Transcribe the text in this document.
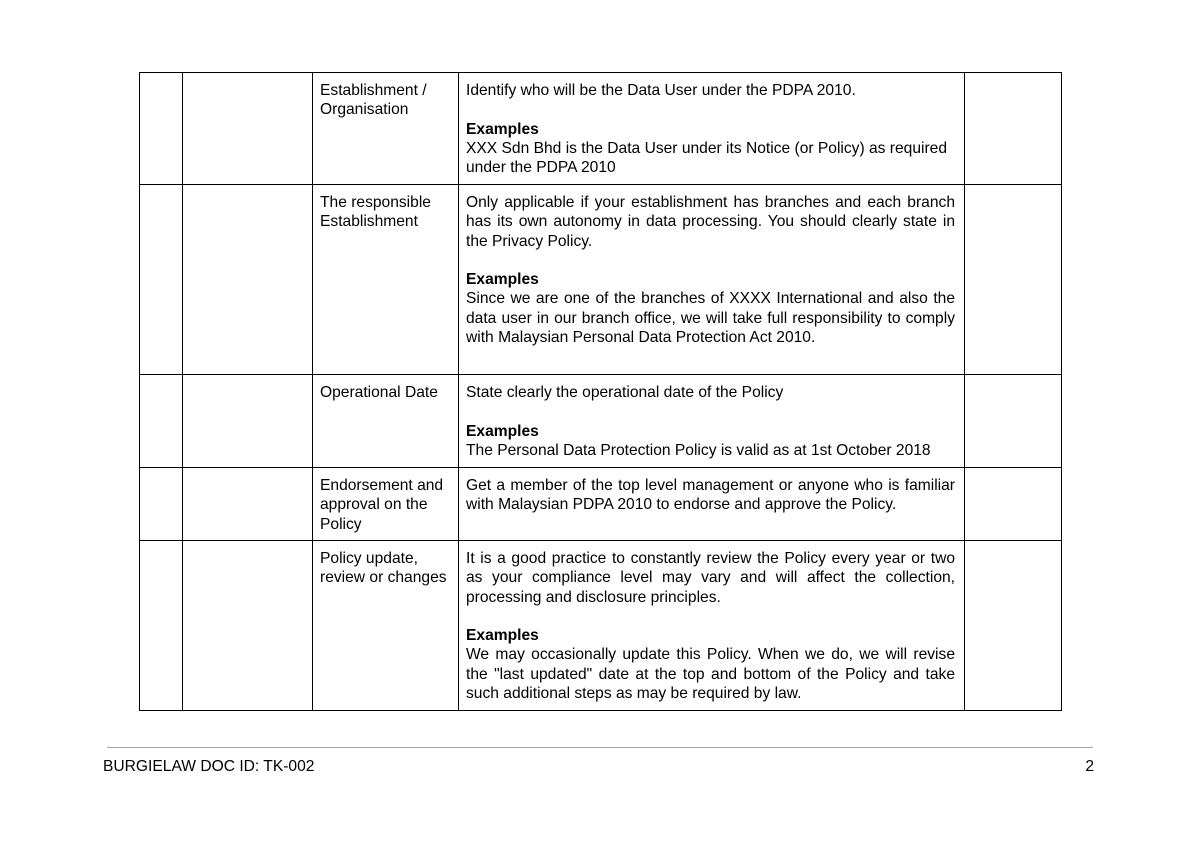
		Establishment / Organisation	Identify who will be the Data User under the PDPA 2010.

Examples

XXX Sdn Bhd is the Data User under its Notice (or Policy) as required under the PDPA 2010	

		The responsible Establishment	Only applicable if your establishment has branches and each branch has its own autonomy in data processing. You should clearly state in the Privacy Policy.

Examples

Since we are one of the branches of XXXX International and also the data user in our branch office, we will take full responsibility to comply with Malaysian Personal Data Protection Act 2010.	

		Operational Date	State clearly the operational date of the Policy

Examples

The Personal Data Protection Policy is valid as at 1st October 2018	

		Endorsement and approval on the Policy	Get a member of the top level management or anyone who is familiar with Malaysian PDPA 2010 to endorse and approve the Policy.	

		Policy update, review or changes	It is a good practice to constantly review the Policy every year or two as your compliance level may vary and will affect the collection, processing and disclosure principles.

Examples

We may occasionally update this Policy. When we do, we will revise the "last updated" date at the top and bottom of the Policy and take such additional steps as may be required by law.	

BURGIELAW DOC ID: TK-002	2
